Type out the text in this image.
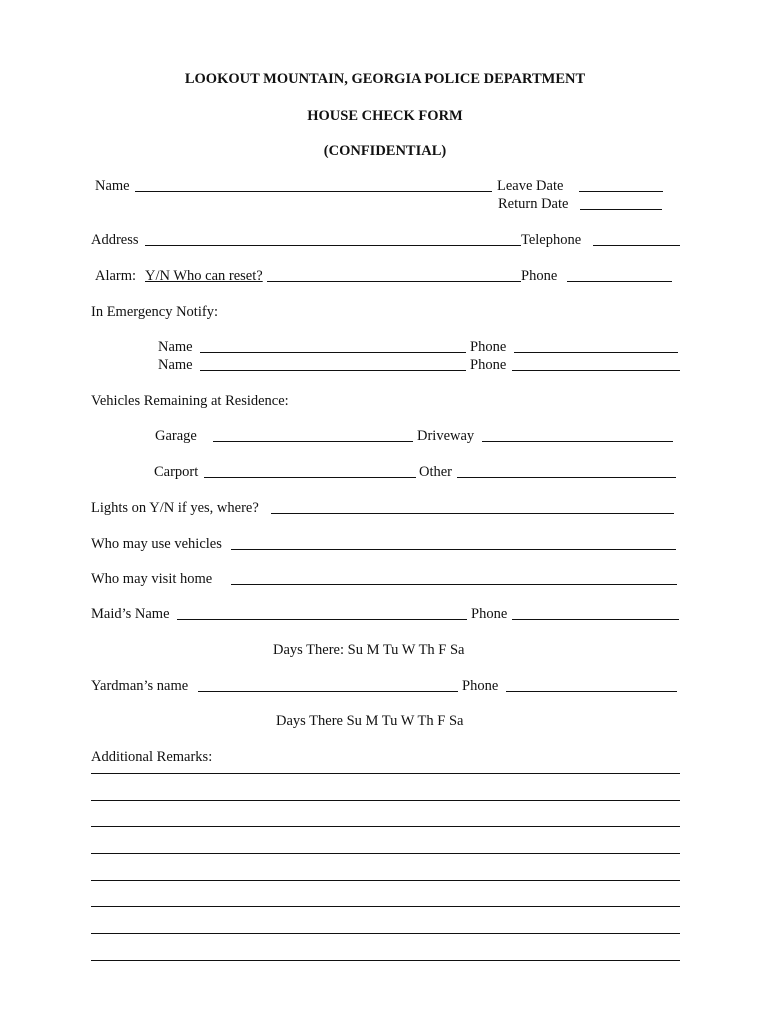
LOOKOUT MOUNTAIN, GEORGIA POLICE DEPARTMENT
HOUSE CHECK FORM
(CONFIDENTIAL)
Name	Leave Date
Return Date
Address	Telephone
Alarm: Y/N Who can reset?	Phone
In Emergency Notify:
Name	Phone
Name	Phone
Vehicles Remaining at Residence:
Garage	Driveway
Carport	Other
Lights on Y/N if yes, where?
Who may use vehicles
Who may visit home
Maid’s Name	Phone
Days There: Su M Tu W Th F Sa
Yardman’s name	Phone
Days There Su M Tu W Th F Sa
Additional Remarks:
